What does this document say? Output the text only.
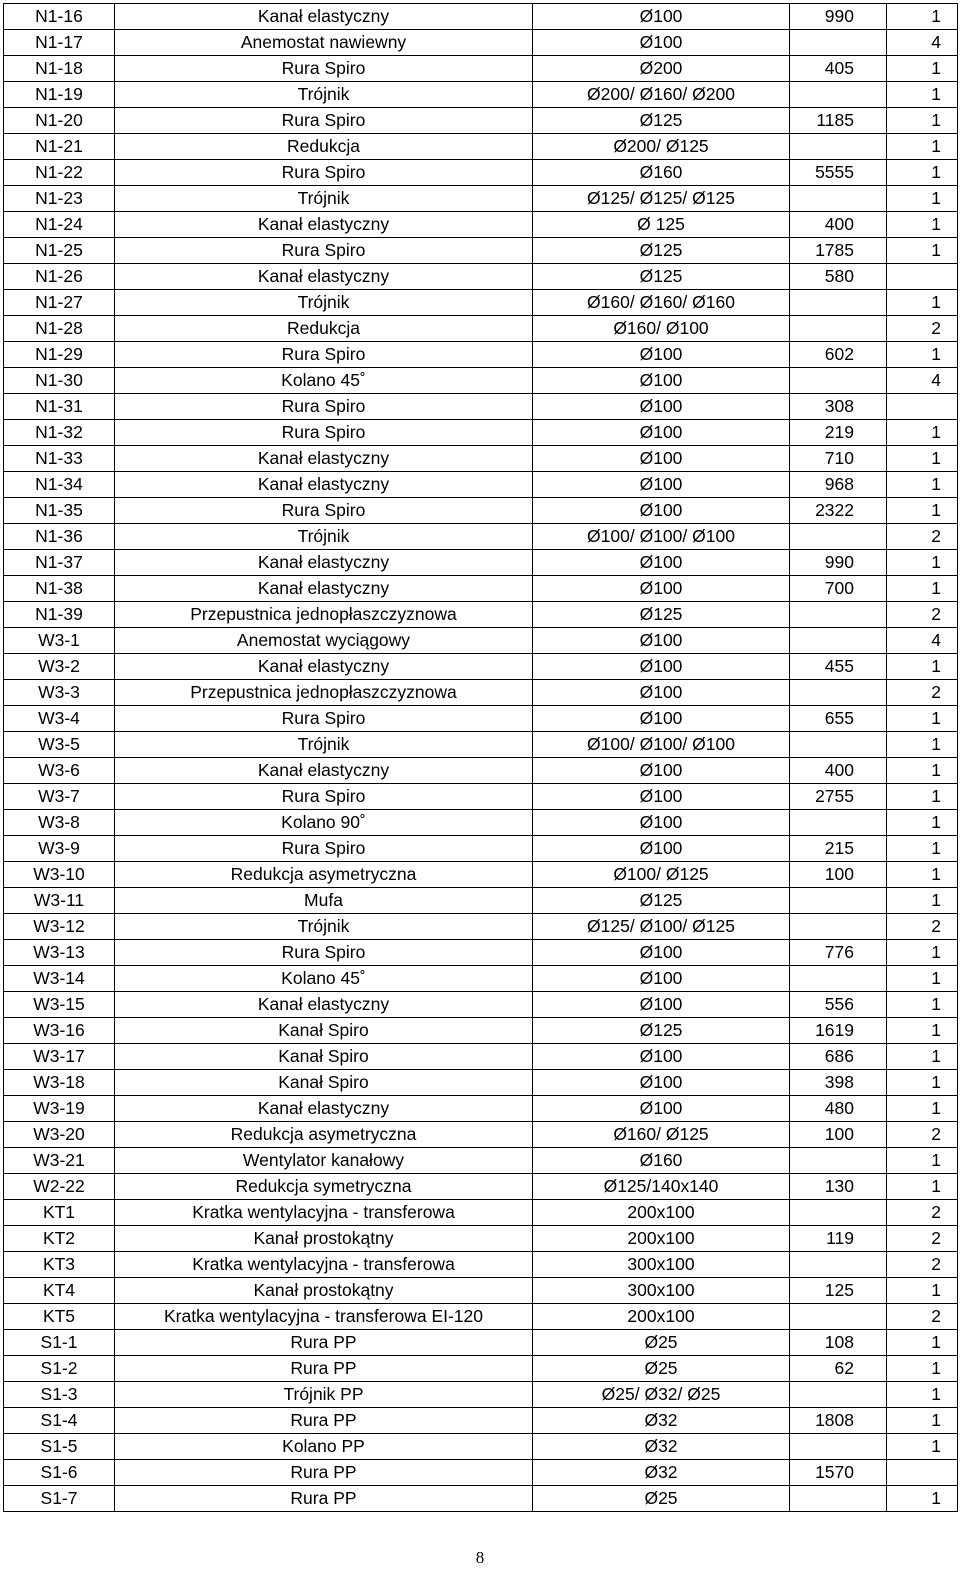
N1-16	Kanał elastyczny	Ø100	990	1
N1-17	Anemostat nawiewny	Ø100		4
N1-18	Rura Spiro	Ø200	405	1
N1-19	Trójnik	Ø200/ Ø160/ Ø200		1
N1-20	Rura Spiro	Ø125	1185	1
N1-21	Redukcja	Ø200/ Ø125		1
N1-22	Rura Spiro	Ø160	5555	1
N1-23	Trójnik	Ø125/ Ø125/ Ø125		1
N1-24	Kanał elastyczny	Ø 125	400	1
N1-25	Rura Spiro	Ø125	1785	1
N1-26	Kanał elastyczny	Ø125	580	
N1-27	Trójnik	Ø160/ Ø160/ Ø160		1
N1-28	Redukcja	Ø160/ Ø100		2
N1-29	Rura Spiro	Ø100	602	1
N1-30	Kolano 45˚	Ø100		4
N1-31	Rura Spiro	Ø100	308	
N1-32	Rura Spiro	Ø100	219	1
N1-33	Kanał elastyczny	Ø100	710	1
N1-34	Kanał elastyczny	Ø100	968	1
N1-35	Rura Spiro	Ø100	2322	1
N1-36	Trójnik	Ø100/ Ø100/ Ø100		2
N1-37	Kanał elastyczny	Ø100	990	1
N1-38	Kanał elastyczny	Ø100	700	1
N1-39	Przepustnica jednopłaszczyznowa	Ø125		2
W3-1	Anemostat wyciągowy	Ø100		4
W3-2	Kanał elastyczny	Ø100	455	1
W3-3	Przepustnica jednopłaszczyznowa	Ø100		2
W3-4	Rura Spiro	Ø100	655	1
W3-5	Trójnik	Ø100/ Ø100/ Ø100		1
W3-6	Kanał elastyczny	Ø100	400	1
W3-7	Rura Spiro	Ø100	2755	1
W3-8	Kolano 90˚	Ø100		1
W3-9	Rura Spiro	Ø100	215	1
W3-10	Redukcja asymetryczna	Ø100/ Ø125	100	1
W3-11	Mufa	Ø125		1
W3-12	Trójnik	Ø125/ Ø100/ Ø125		2
W3-13	Rura Spiro	Ø100	776	1
W3-14	Kolano 45˚	Ø100		1
W3-15	Kanał elastyczny	Ø100	556	1
W3-16	Kanał Spiro	Ø125	1619	1
W3-17	Kanał Spiro	Ø100	686	1
W3-18	Kanał Spiro	Ø100	398	1
W3-19	Kanał elastyczny	Ø100	480	1
W3-20	Redukcja asymetryczna	Ø160/ Ø125	100	2
W3-21	Wentylator kanałowy	Ø160		1
W2-22	Redukcja symetryczna	Ø125/140x140	130	1
KT1	Kratka wentylacyjna - transferowa	200x100		2
KT2	Kanał prostokątny	200x100	119	2
KT3	Kratka wentylacyjna - transferowa	300x100		2
KT4	Kanał prostokątny	300x100	125	1
KT5	Kratka wentylacyjna - transferowa EI-120	200x100		2
S1-1	Rura PP	Ø25	108	1
S1-2	Rura PP	Ø25	62	1
S1-3	Trójnik PP	Ø25/ Ø32/ Ø25		1
S1-4	Rura PP	Ø32	1808	1
S1-5	Kolano PP	Ø32		1
S1-6	Rura PP	Ø32	1570	
S1-7	Rura PP	Ø25		1
8
